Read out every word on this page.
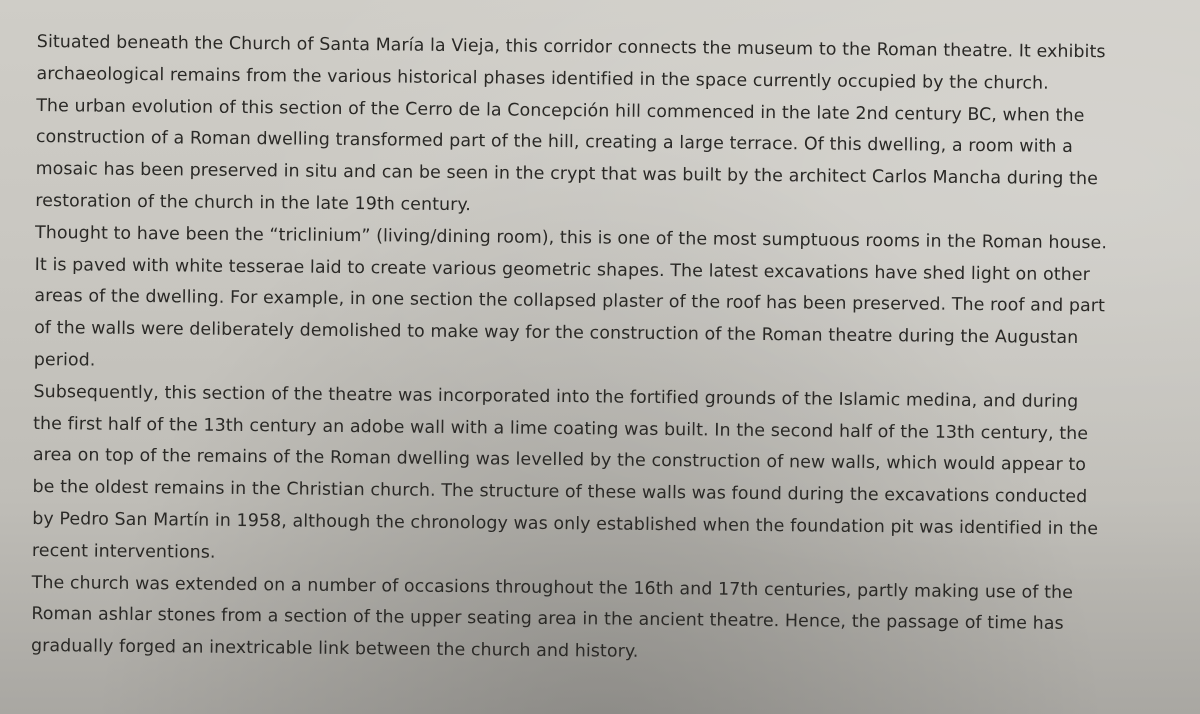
Situated beneath the Church of Santa María la Vieja, this corridor connects the museum to the Roman theatre. It exhibits
archaeological remains from the various historical phases identified in the space currently occupied by the church.
The urban evolution of this section of the Cerro de la Concepción hill commenced in the late 2nd century BC, when the
construction of a Roman dwelling transformed part of the hill, creating a large terrace. Of this dwelling, a room with a
mosaic has been preserved in situ and can be seen in the crypt that was built by the architect Carlos Mancha during the
restoration of the church in the late 19th century.
Thought to have been the “triclinium” (living/dining room), this is one of the most sumptuous rooms in the Roman house.
It is paved with white tesserae laid to create various geometric shapes. The latest excavations have shed light on other
areas of the dwelling. For example, in one section the collapsed plaster of the roof has been preserved. The roof and part
of the walls were deliberately demolished to make way for the construction of the Roman theatre during the Augustan
period.
Subsequently, this section of the theatre was incorporated into the fortified grounds of the Islamic medina, and during
the first half of the 13th century an adobe wall with a lime coating was built. In the second half of the 13th century, the
area on top of the remains of the Roman dwelling was levelled by the construction of new walls, which would appear to
be the oldest remains in the Christian church. The structure of these walls was found during the excavations conducted
by Pedro San Martín in 1958, although the chronology was only established when the foundation pit was identified in the
recent interventions.
The church was extended on a number of occasions throughout the 16th and 17th centuries, partly making use of the
Roman ashlar stones from a section of the upper seating area in the ancient theatre. Hence, the passage of time has
gradually forged an inextricable link between the church and history.
